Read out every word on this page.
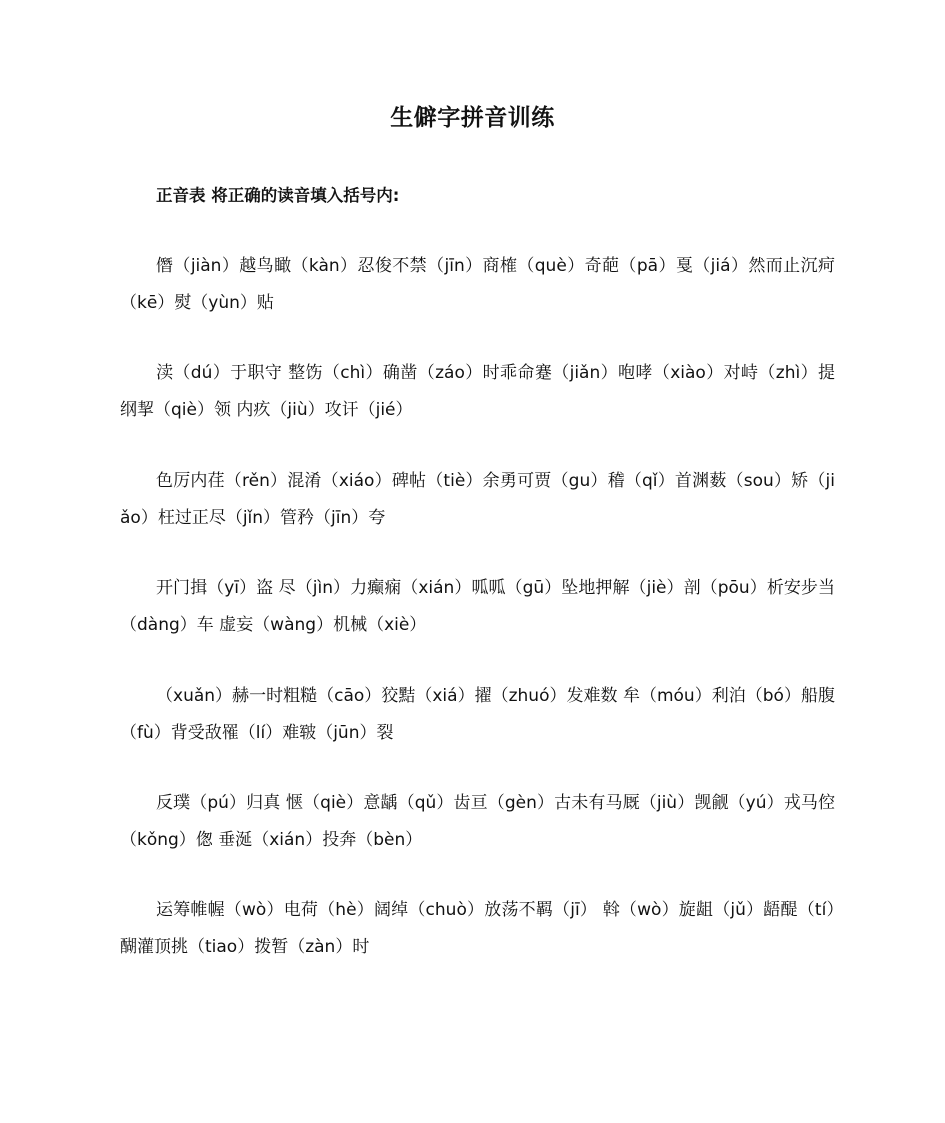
生僻字拼音训练
正音表 将正确的读音填入括号内:
僭（jiàn）越鸟瞰（kàn）忍俊不禁（jīn）商榷（què）奇葩（pā）戛（jiá）然而止沉疴（kē）熨（yùn）贴
渎（dú）于职守 整饬（chì）确凿（záo）时乖命蹇（jiǎn）咆哮（xiào）对峙（zhì）提纲挈（qiè）领 内疚（jiù）攻讦（jié）
色厉内荏（rěn）混淆（xiáo）碑帖（tiè）余勇可贾（gu）稽（qǐ）首渊薮（sou）矫（jiǎo）枉过正尽（jǐn）管矜（jīn）夸
开门揖（yī）盗 尽（jìn）力癫痫（xián）呱呱（gū）坠地押解（jiè）剖（pōu）析安步当（dàng）车 虚妄（wàng）机械（xiè）
（xuǎn）赫一时粗糙（cāo）狡黠（xiá）擢（zhuó）发难数 牟（móu）利泊（bó）船腹（fù）背受敌罹（lí）难皲（jūn）裂
反璞（pú）归真 惬（qiè）意龋（qǔ）齿亘（gèn）古未有马厩（jiù）觊觎（yú）戎马倥（kǒng）偬 垂涎（xián）投奔（bèn）
运筹帷幄（wò）电荷（hè）阔绰（chuò）放荡不羁（jī） 斡（wò）旋龃（jǔ）龉醍（tí）醐灌顶挑（tiao）拨暂（zàn）时
